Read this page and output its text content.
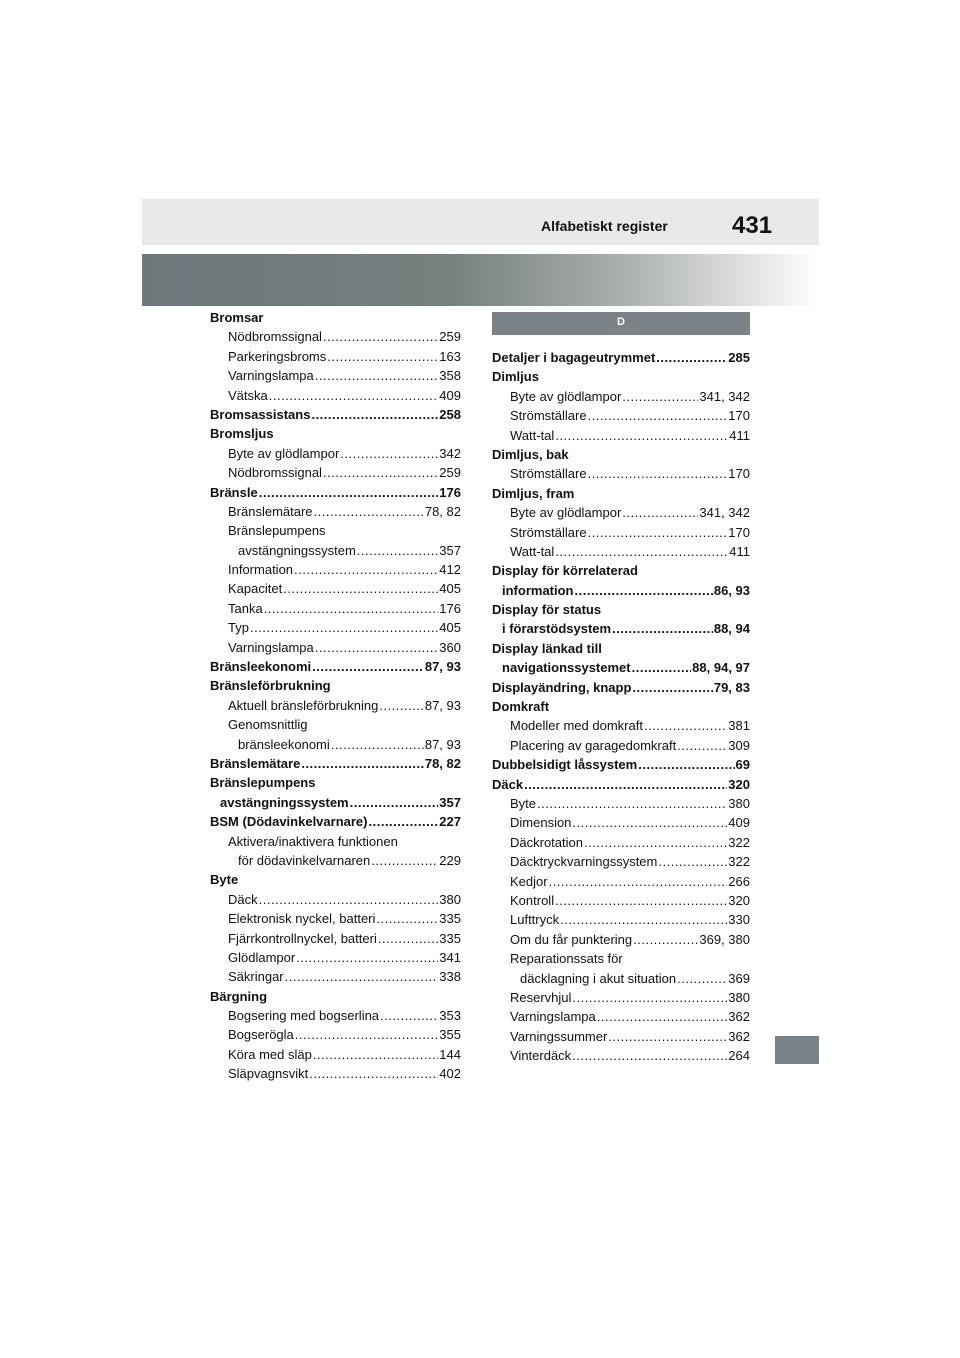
Alfabetiskt register	431
Bromsar
Nödbromssignal .....	259
Parkeringsbroms .....	163
Varningslampa .....	358
Vätska .....	409
Bromsassistans .....	258
Bromsljus
Byte av glödlampor .....	342
Nödbromssignal .....	259
Bränsle .....	176
Bränslemätare .....	78, 82
Bränslepumpens
avstängningssystem .....	357
Information .....	412
Kapacitet .....	405
Tanka .....	176
Typ .....	405
Varningslampa .....	360
Bränsleekonomi .....	87, 93
Bränsleförbrukning
Aktuell bränsleförbrukning .....	87, 93
Genomsnittlig
bränsleekonomi .....	87, 93
Bränslemätare .....	78, 82
Bränslepumpens
avstängningssystem .....	357
BSM (Dödavinkelvarnare) .....	227
Aktivera/inaktivera funktionen
för dödavinkelvarnaren .....	229
Byte
Däck .....	380
Elektronisk nyckel, batteri .....	335
Fjärrkontrollnyckel, batteri .....	335
Glödlampor .....	341
Säkringar .....	338
Bärgning
Bogsering med bogserlina .....	353
Bogserögla .....	355
Köra med släp .....	144
Släpvagnsvikt .....	402
D
Detaljer i bagageutrymmet .....	285
Dimljus
Byte av glödlampor .....	341, 342
Strömställare .....	170
Watt-tal .....	411
Dimljus, bak
Strömställare .....	170
Dimljus, fram
Byte av glödlampor .....	341, 342
Strömställare .....	170
Watt-tal .....	411
Display för körrelaterad
information .....	86, 93
Display för status
i förarstödsystem .....	88, 94
Display länkad till
navigationssystemet .....	88, 94, 97
Displayändring, knapp .....	79, 83
Domkraft
Modeller med domkraft .....	381
Placering av garagedomkraft .....	309
Dubbelsidigt låssystem .....	69
Däck .....	320
Byte .....	380
Dimension .....	409
Däckrotation .....	322
Däcktryckvarningssystem .....	322
Kedjor .....	266
Kontroll .....	320
Lufttryck .....	330
Om du får punktering .....	369, 380
Reparationssats för
däcklagning i akut situation .....	369
Reservhjul .....	380
Varningslampa .....	362
Varningssummer .....	362
Vinterdäck .....	264
